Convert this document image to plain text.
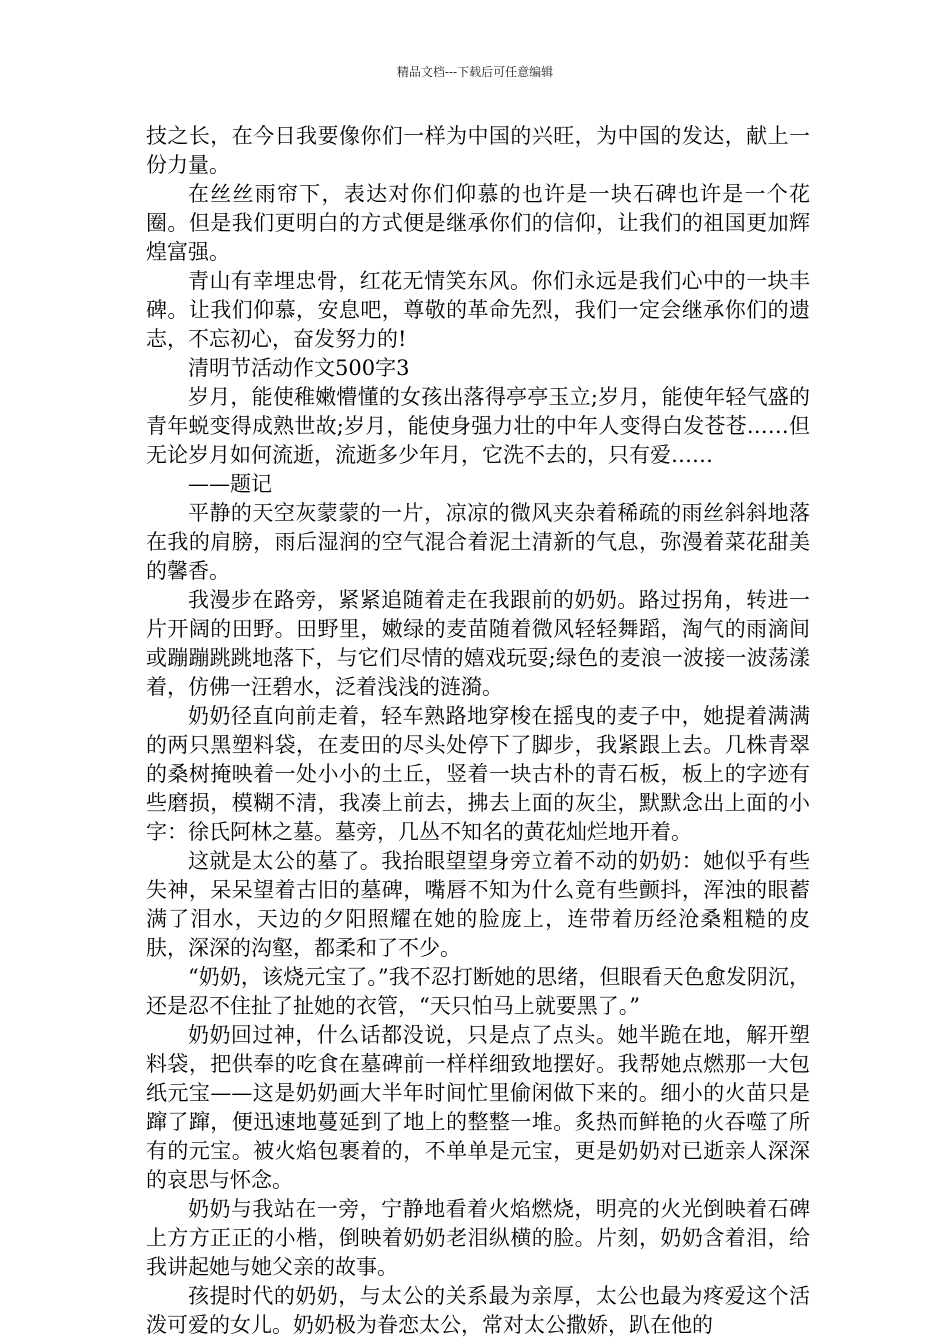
精品文档---下载后可任意编辑

技之长，在今日我要像你们一样为中国的兴旺，为中国的发达，献上一份力量。

在丝丝雨帘下，表达对你们仰慕的也许是一块石碑也许是一个花圈。但是我们更明白的方式便是继承你们的信仰，让我们的祖国更加辉煌富强。

青山有幸埋忠骨，红花无情笑东风。你们永远是我们心中的一块丰碑。让我们仰慕，安息吧，尊敬的革命先烈，我们一定会继承你们的遗志，不忘初心，奋发努力的!

清明节活动作文500字3

岁月，能使稚嫩懵懂的女孩出落得亭亭玉立;岁月，能使年轻气盛的青年蜕变得成熟世故;岁月，能使身强力壮的中年人变得白发苍苍……但无论岁月如何流逝，流逝多少年月，它洗不去的，只有爱……

——题记

平静的天空灰蒙蒙的一片，凉凉的微风夹杂着稀疏的雨丝斜斜地落在我的肩膀，雨后湿润的空气混合着泥土清新的气息，弥漫着菜花甜美的馨香。

我漫步在路旁，紧紧追随着走在我跟前的奶奶。路过拐角，转进一片开阔的田野。田野里，嫩绿的麦苗随着微风轻轻舞蹈，淘气的雨滴间或蹦蹦跳跳地落下，与它们尽情的嬉戏玩耍;绿色的麦浪一波接一波荡漾着，仿佛一汪碧水，泛着浅浅的涟漪。

奶奶径直向前走着，轻车熟路地穿梭在摇曳的麦子中，她提着满满的两只黑塑料袋，在麦田的尽头处停下了脚步，我紧跟上去。几株青翠的桑树掩映着一处小小的土丘，竖着一块古朴的青石板，板上的字迹有些磨损，模糊不清，我凑上前去，拂去上面的灰尘，默默念出上面的小字：徐氏阿林之墓。墓旁，几丛不知名的黄花灿烂地开着。

这就是太公的墓了。我抬眼望望身旁立着不动的奶奶：她似乎有些失神，呆呆望着古旧的墓碑，嘴唇不知为什么竟有些颤抖，浑浊的眼蓄满了泪水，天边的夕阳照耀在她的脸庞上，连带着历经沧桑粗糙的皮肤，深深的沟壑，都柔和了不少。

“奶奶，该烧元宝了。”我不忍打断她的思绪，但眼看天色愈发阴沉，还是忍不住扯了扯她的衣管，“天只怕马上就要黑了。”

奶奶回过神，什么话都没说，只是点了点头。她半跪在地，解开塑料袋，把供奉的吃食在墓碑前一样样细致地摆好。我帮她点燃那一大包纸元宝——这是奶奶画大半年时间忙里偷闲做下来的。细小的火苗只是蹿了蹿，便迅速地蔓延到了地上的整整一堆。炙热而鲜艳的火吞噬了所有的元宝。被火焰包裹着的，不单单是元宝，更是奶奶对已逝亲人深深的哀思与怀念。

奶奶与我站在一旁，宁静地看着火焰燃烧，明亮的火光倒映着石碑上方方正正的小楷，倒映着奶奶老泪纵横的脸。片刻，奶奶含着泪，给我讲起她与她父亲的故事。

孩提时代的奶奶，与太公的关系最为亲厚，太公也最为疼爱这个活泼可爱的女儿。奶奶极为眷恋太公，常对太公撒娇，趴在他的
